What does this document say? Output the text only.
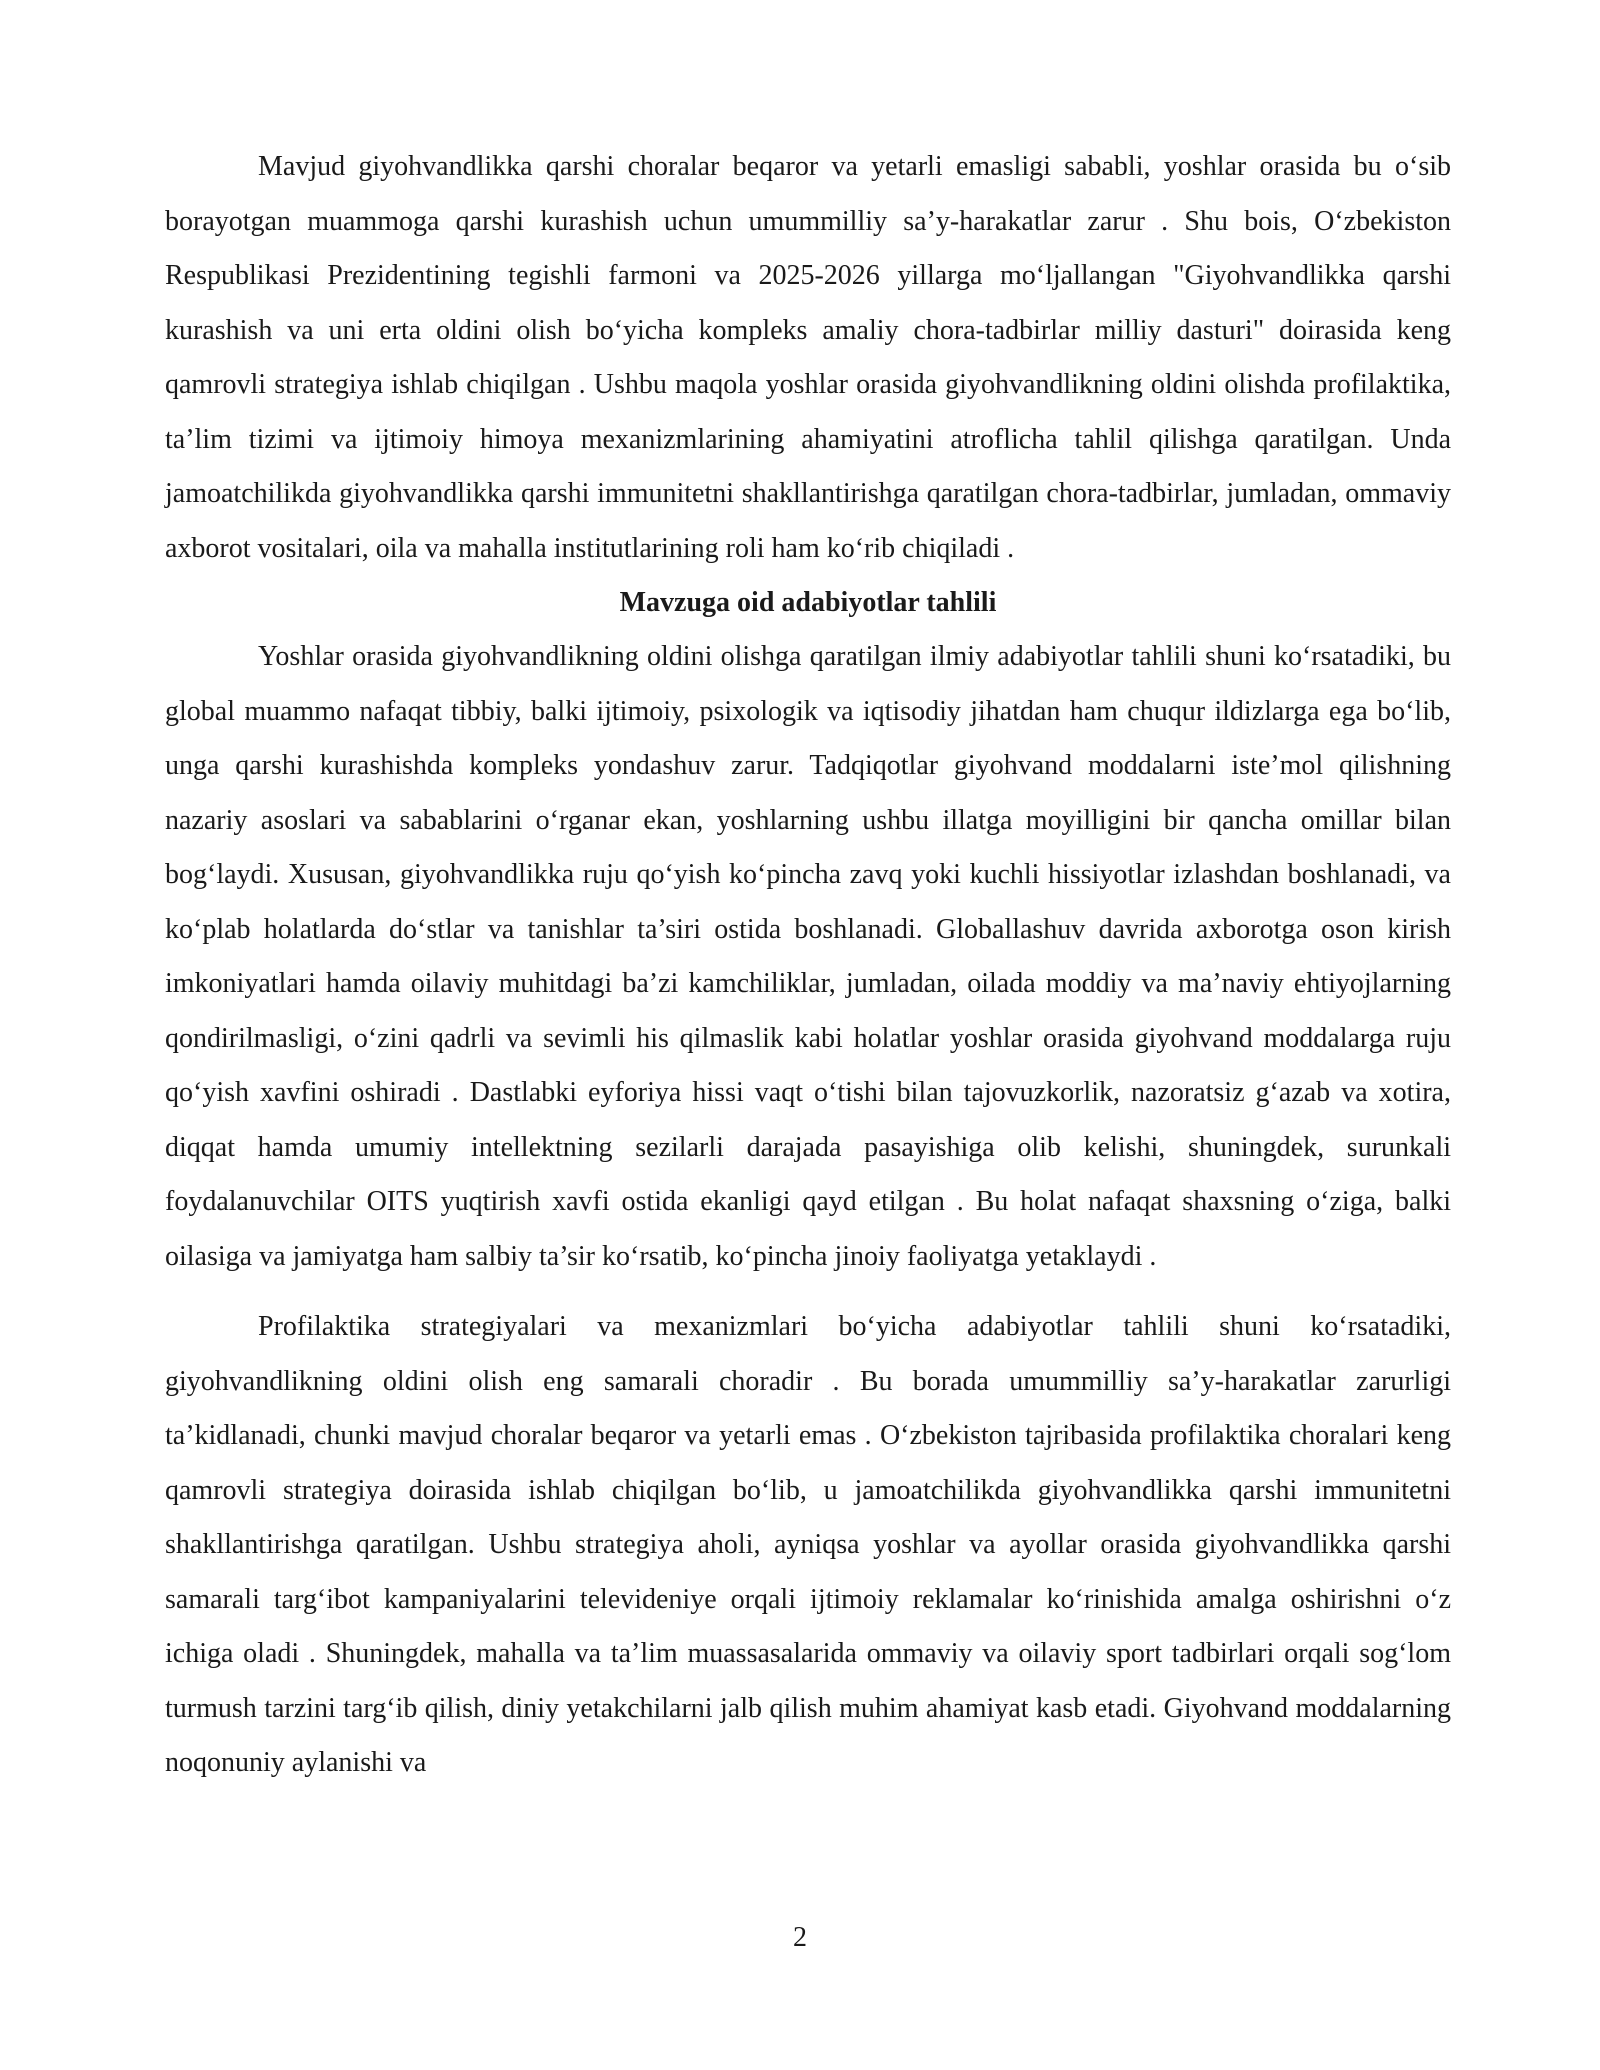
Mavjud giyohvandlikka qarshi choralar beqaror va yetarli emasligi sababli, yoshlar orasida bu o‘sib borayotgan muammoga qarshi kurashish uchun umummilliy sa’y-harakatlar zarur . Shu bois, O‘zbekiston Respublikasi Prezidentining tegishli farmoni va 2025-2026 yillarga mo‘ljallangan "Giyohvandlikka qarshi kurashish va uni erta oldini olish bo‘yicha kompleks amaliy chora-tadbirlar milliy dasturi" doirasida keng qamrovli strategiya ishlab chiqilgan . Ushbu maqola yoshlar orasida giyohvandlikning oldini olishda profilaktika, ta’lim tizimi va ijtimoiy himoya mexanizmlarining ahamiyatini atroflicha tahlil qilishga qaratilgan. Unda jamoatchilikda giyohvandlikka qarshi immunitetni shakllantirishga qaratilgan chora-tadbirlar, jumladan, ommaviy axborot vositalari, oila va mahalla institutlarining roli ham ko‘rib chiqiladi .

Mavzuga oid adabiyotlar tahlili

Yoshlar orasida giyohvandlikning oldini olishga qaratilgan ilmiy adabiyotlar tahlili shuni ko‘rsatadiki, bu global muammo nafaqat tibbiy, balki ijtimoiy, psixologik va iqtisodiy jihatdan ham chuqur ildizlarga ega bo‘lib, unga qarshi kurashishda kompleks yondashuv zarur. Tadqiqotlar giyohvand moddalarni iste’mol qilishning nazariy asoslari va sabablarini o‘rganar ekan, yoshlarning ushbu illatga moyilligini bir qancha omillar bilan bog‘laydi. Xususan, giyohvandlikka ruju qo‘yish ko‘pincha zavq yoki kuchli hissiyotlar izlashdan boshlanadi, va ko‘plab holatlarda do‘stlar va tanishlar ta’siri ostida boshlanadi. Globallashuv davrida axborotga oson kirish imkoniyatlari hamda oilaviy muhitdagi ba’zi kamchiliklar, jumladan, oilada moddiy va ma’naviy ehtiyojlarning qondirilmasligi, o‘zini qadrli va sevimli his qilmaslik kabi holatlar yoshlar orasida giyohvand moddalarga ruju qo‘yish xavfini oshiradi . Dastlabki eyforiya hissi vaqt o‘tishi bilan tajovuzkorlik, nazoratsiz g‘azab va xotira, diqqat hamda umumiy intellektning sezilarli darajada pasayishiga olib kelishi, shuningdek, surunkali foydalanuvchilar OITS yuqtirish xavfi ostida ekanligi qayd etilgan . Bu holat nafaqat shaxsning o‘ziga, balki oilasiga va jamiyatga ham salbiy ta’sir ko‘rsatib, ko‘pincha jinoiy faoliyatga yetaklaydi .

Profilaktika strategiyalari va mexanizmlari bo‘yicha adabiyotlar tahlili shuni ko‘rsatadiki, giyohvandlikning oldini olish eng samarali choradir . Bu borada umummilliy sa’y-harakatlar zarurligi ta’kidlanadi, chunki mavjud choralar beqaror va yetarli emas . O‘zbekiston tajribasida profilaktika choralari keng qamrovli strategiya doirasida ishlab chiqilgan bo‘lib, u jamoatchilikda giyohvandlikka qarshi immunitetni shakllantirishga qaratilgan. Ushbu strategiya aholi, ayniqsa yoshlar va ayollar orasida giyohvandlikka qarshi samarali targ‘ibot kampaniyalarini televideniye orqali ijtimoiy reklamalar ko‘rinishida amalga oshirishni o‘z ichiga oladi . Shuningdek, mahalla va ta’lim muassasalarida ommaviy va oilaviy sport tadbirlari orqali sog‘lom turmush tarzini targ‘ib qilish, diniy yetakchilarni jalb qilish muhim ahamiyat kasb etadi. Giyohvand moddalarning noqonuniy aylanishi va

2
